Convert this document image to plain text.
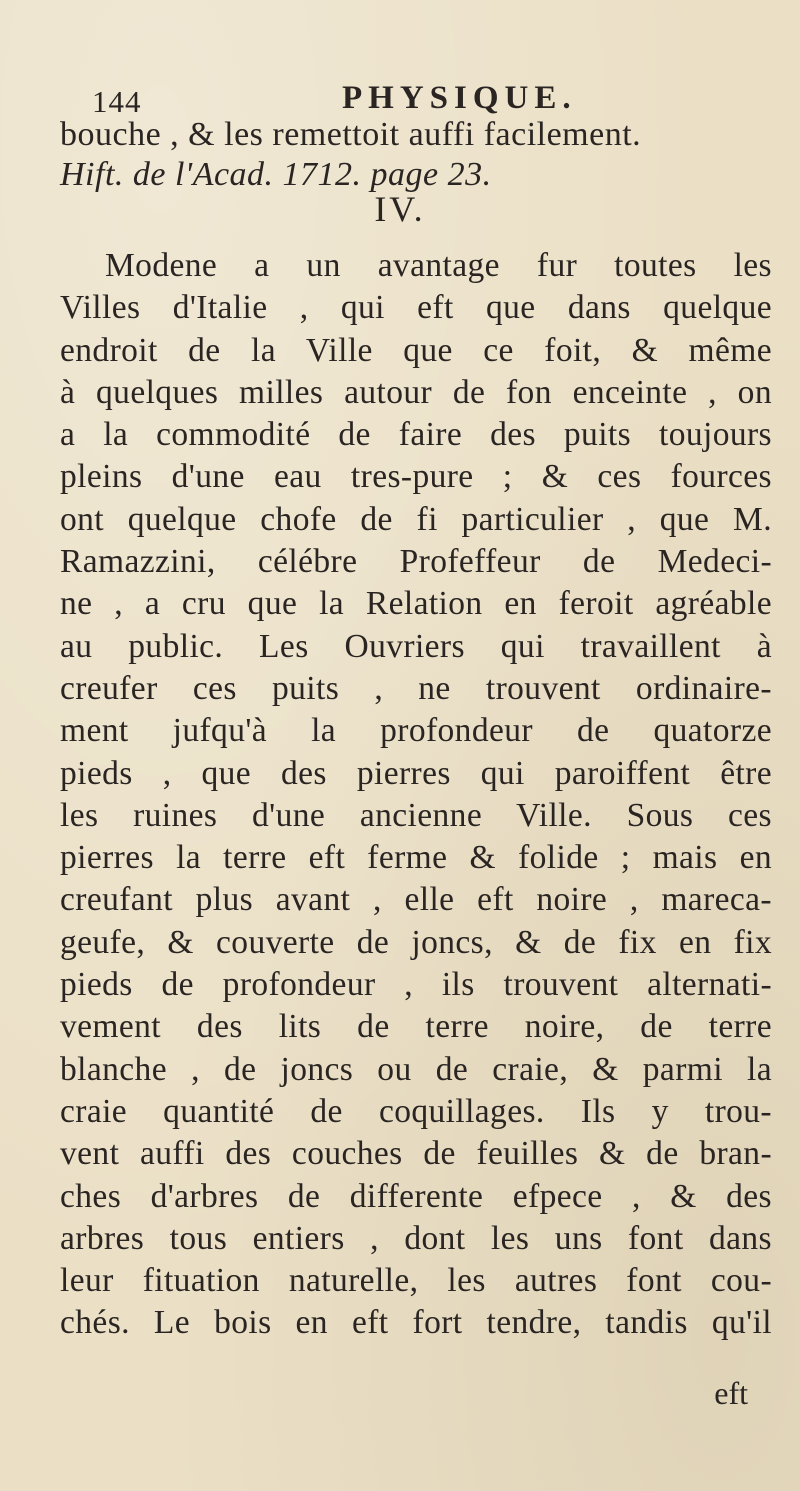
144	PHYSIQUE.
bouche , & les remettoit auffi facilement.
Hift. de l'Acad. 1712. page 23.
IV.
Modene a un avantage fur toutes les
Villes d'Italie , qui eft que dans quelque
endroit de la Ville que ce foit, & même
à quelques milles autour de fon enceinte , on
a la commodité de faire des puits toujours
pleins d'une eau tres-pure ; & ces fources
ont quelque chofe de fi particulier , que M.
Ramazzini, célébre Profeffeur de Medeci-
ne , a cru que la Relation en feroit agréable
au public. Les Ouvriers qui travaillent à
creufer ces puits , ne trouvent ordinaire-
ment jufqu'à la profondeur de quatorze
pieds , que des pierres qui paroiffent être
les ruines d'une ancienne Ville. Sous ces
pierres la terre eft ferme & folide ; mais en
creufant plus avant , elle eft noire , mareca-
geufe, & couverte de joncs, & de fix en fix
pieds de profondeur , ils trouvent alternati-
vement des lits de terre noire, de terre
blanche , de joncs ou de craie, & parmi la
craie quantité de coquillages. Ils y trou-
vent auffi des couches de feuilles & de bran-
ches d'arbres de differente efpece , & des
arbres tous entiers , dont les uns font dans
leur fituation naturelle, les autres font cou-
chés. Le bois en eft fort tendre, tandis qu'il
eft
